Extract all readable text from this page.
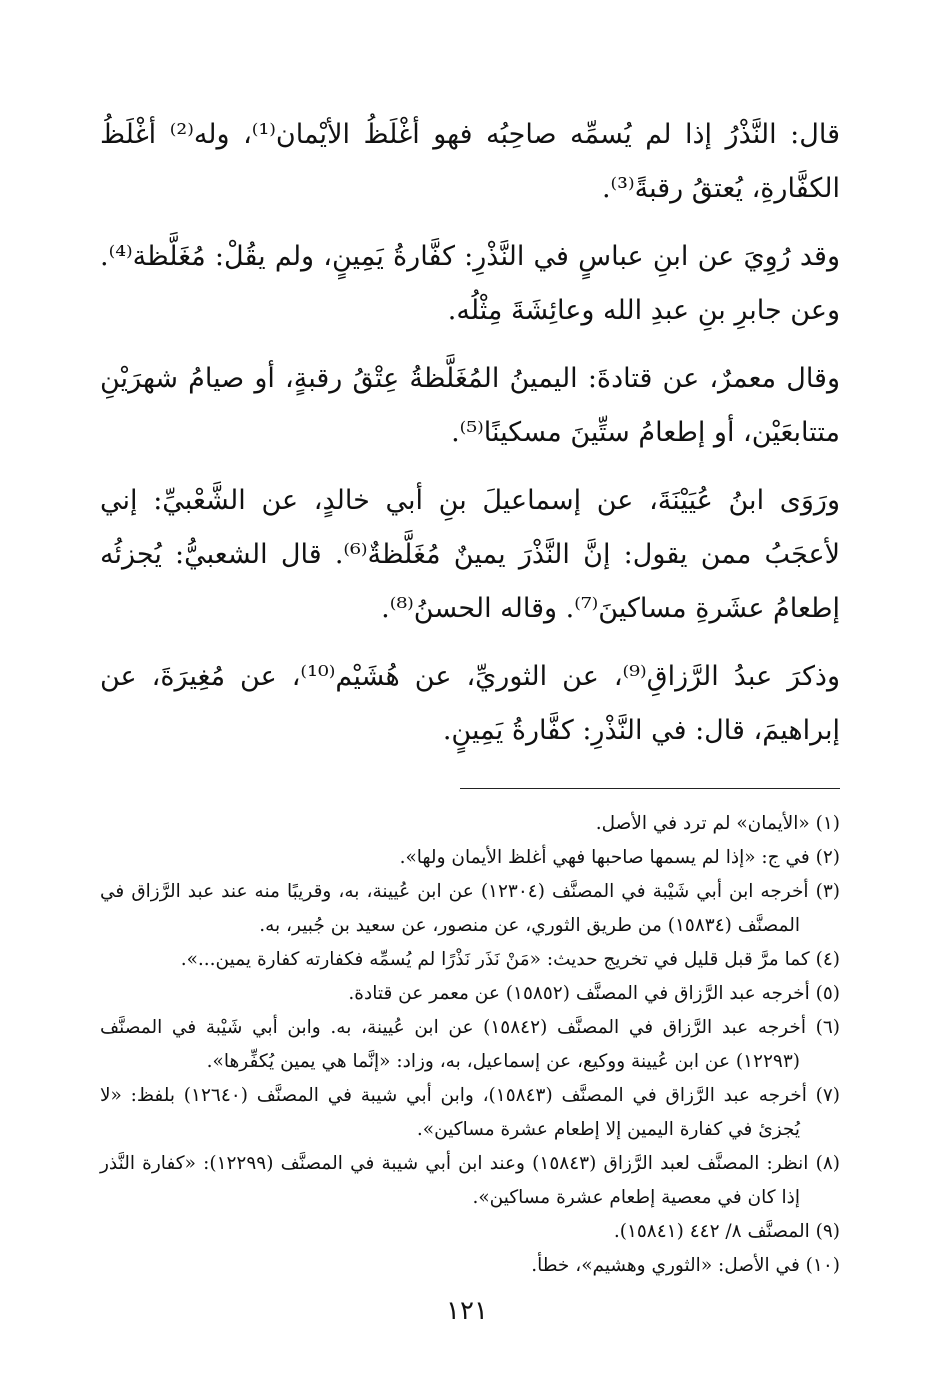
قال: النَّذْرُ إذا لم يُسمِّه صاحِبُه فهو أغْلَظُ الأيْمان⁽¹⁾، وله⁽²⁾ أغْلَظُ الكفَّارةِ، يُعتقُ رقبةً⁽³⁾.

وقد رُوِيَ عن ابنِ عباسٍ في النَّذْرِ: كفَّارةُ يَمِينٍ، ولم يقُلْ: مُغَلَّظة⁽⁴⁾. وعن جابرِ بنِ عبدِ الله وعائِشَةَ مِثْلُه.

وقال معمرٌ، عن قتادةَ: اليمينُ المُغَلَّظةُ عِتْقُ رقبةٍ، أو صيامُ شهرَيْنِ متتابعَيْن، أو إطعامُ ستِّينَ مسكينًا⁽⁵⁾.

ورَوَى ابنُ عُيَيْنَةَ، عن إسماعيلَ بنِ أبي خالدٍ، عن الشَّعْبيِّ: إني لأعجَبُ ممن يقول: إنَّ النَّذْرَ يمينٌ مُغَلَّظةٌ⁽⁶⁾. قال الشعبيُّ: يُجزئُه إطعامُ عشَرةِ مساكينَ⁽⁷⁾. وقاله الحسنُ⁽⁸⁾.

وذكرَ عبدُ الرَّزاقِ⁽⁹⁾، عن الثوريِّ، عن هُشَيْم⁽¹⁰⁾، عن مُغِيرَةَ، عن إبراهيمَ، قال: في النَّذْرِ: كفَّارةُ يَمِينٍ.

(١) «الأيمان» لم ترد في الأصل.
(٢) في ج: «إذا لم يسمها صاحبها فهي أغلظ الأيمان ولها».
(٣) أخرجه ابن أبي شَيْبة في المصنَّف (١٢٣٠٤) عن ابن عُيينة، به، وقريبًا منه عند عبد الرَّزاق في المصنَّف (١٥٨٣٤) من طريق الثوري، عن منصور، عن سعيد بن جُبير، به.
(٤) كما مرَّ قبل قليل في تخريج حديث: «مَنْ نَذَر نَذْرًا لم يُسمِّه فكفارته كفارة يمين...».
(٥) أخرجه عبد الرَّزاق في المصنَّف (١٥٨٥٢) عن معمر عن قتادة.
(٦) أخرجه عبد الرَّزاق في المصنَّف (١٥٨٤٢) عن ابن عُيينة، به. وابن أبي شَيْبة في المصنَّف (١٢٢٩٣) عن ابن عُيينة ووكيع، عن إسماعيل، به، وزاد: «إنَّما هي يمين يُكفِّرها».
(٧) أخرجه عبد الرَّزاق في المصنَّف (١٥٨٤٣)، وابن أبي شيبة في المصنَّف (١٢٦٤٠) بلفظ: «لا يُجزئ في كفارة اليمين إلا إطعام عشرة مساكين».
(٨) انظر: المصنَّف لعبد الرَّزاق (١٥٨٤٣) وعند ابن أبي شيبة في المصنَّف (١٢٢٩٩): «كفارة النَّذر إذا كان في معصية إطعام عشرة مساكين».
(٩) المصنَّف ٨/ ٤٤٢ (١٥٨٤١).
(١٠) في الأصل: «الثوري وهشيم»، خطأ.
١٢١
